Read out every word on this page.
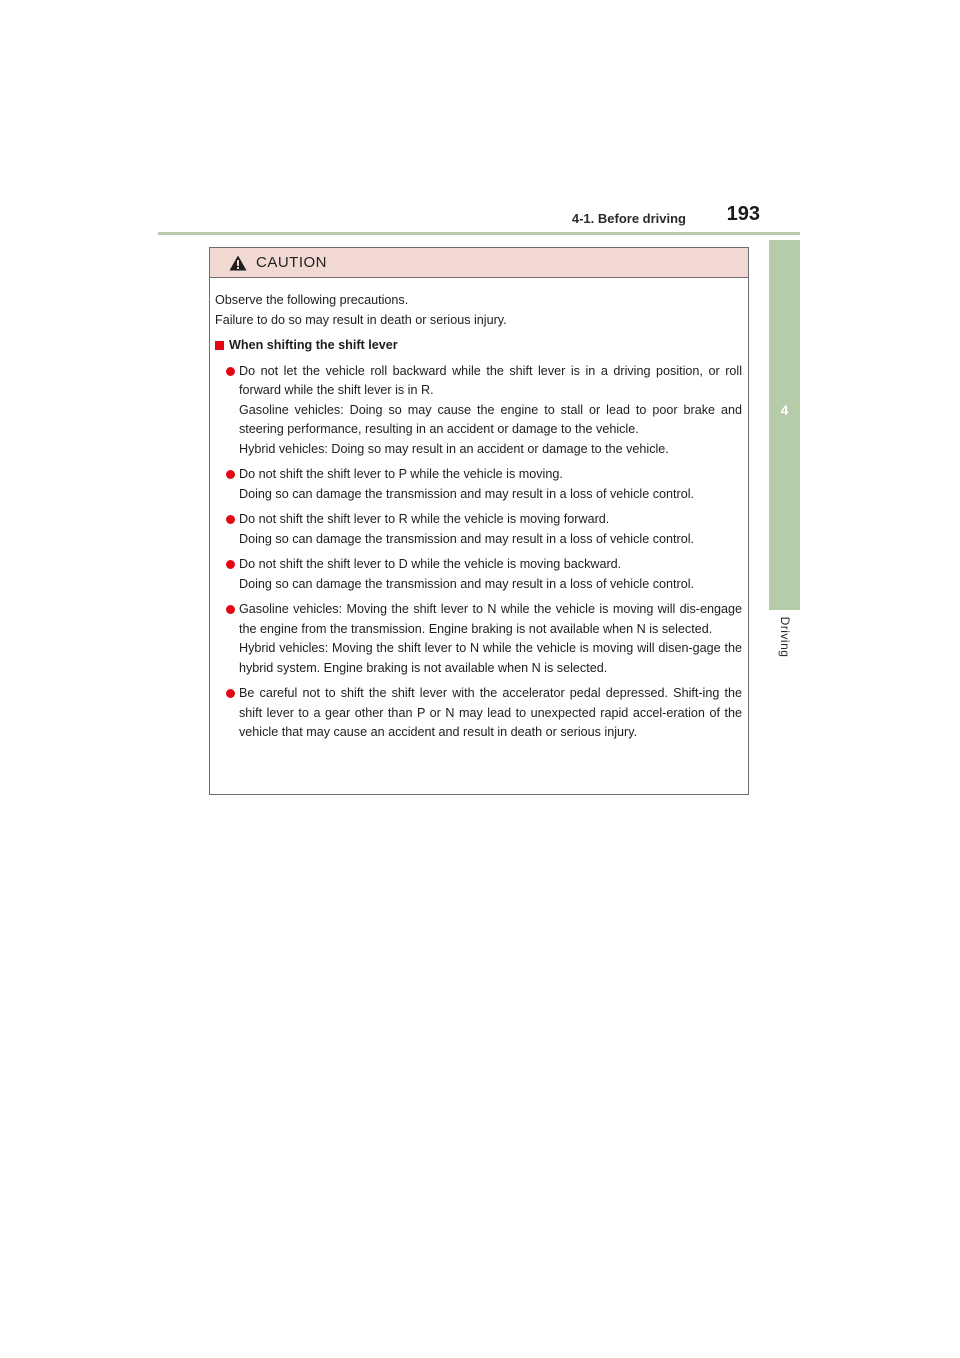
4-1. Before driving	193
4
Driving
CAUTION

Observe the following precautions.

Failure to do so may result in death or serious injury.

When shifting the shift lever

Do not let the vehicle roll backward while the shift lever is in a driving position, or roll forward while the shift lever is in R.

Gasoline vehicles: Doing so may cause the engine to stall or lead to poor brake and steering performance, resulting in an accident or damage to the vehicle.

Hybrid vehicles: Doing so may result in an accident or damage to the vehicle.

Do not shift the shift lever to P while the vehicle is moving.

Doing so can damage the transmission and may result in a loss of vehicle control.

Do not shift the shift lever to R while the vehicle is moving forward.

Doing so can damage the transmission and may result in a loss of vehicle control.

Do not shift the shift lever to D while the vehicle is moving backward.

Doing so can damage the transmission and may result in a loss of vehicle control.

Gasoline vehicles: Moving the shift lever to N while the vehicle is moving will dis-engage the engine from the transmission. Engine braking is not available when N is selected.

Hybrid vehicles: Moving the shift lever to N while the vehicle is moving will disen-gage the hybrid system. Engine braking is not available when N is selected.

Be careful not to shift the shift lever with the accelerator pedal depressed. Shift-ing the shift lever to a gear other than P or N may lead to unexpected rapid accel-eration of the vehicle that may cause an accident and result in death or serious injury.
